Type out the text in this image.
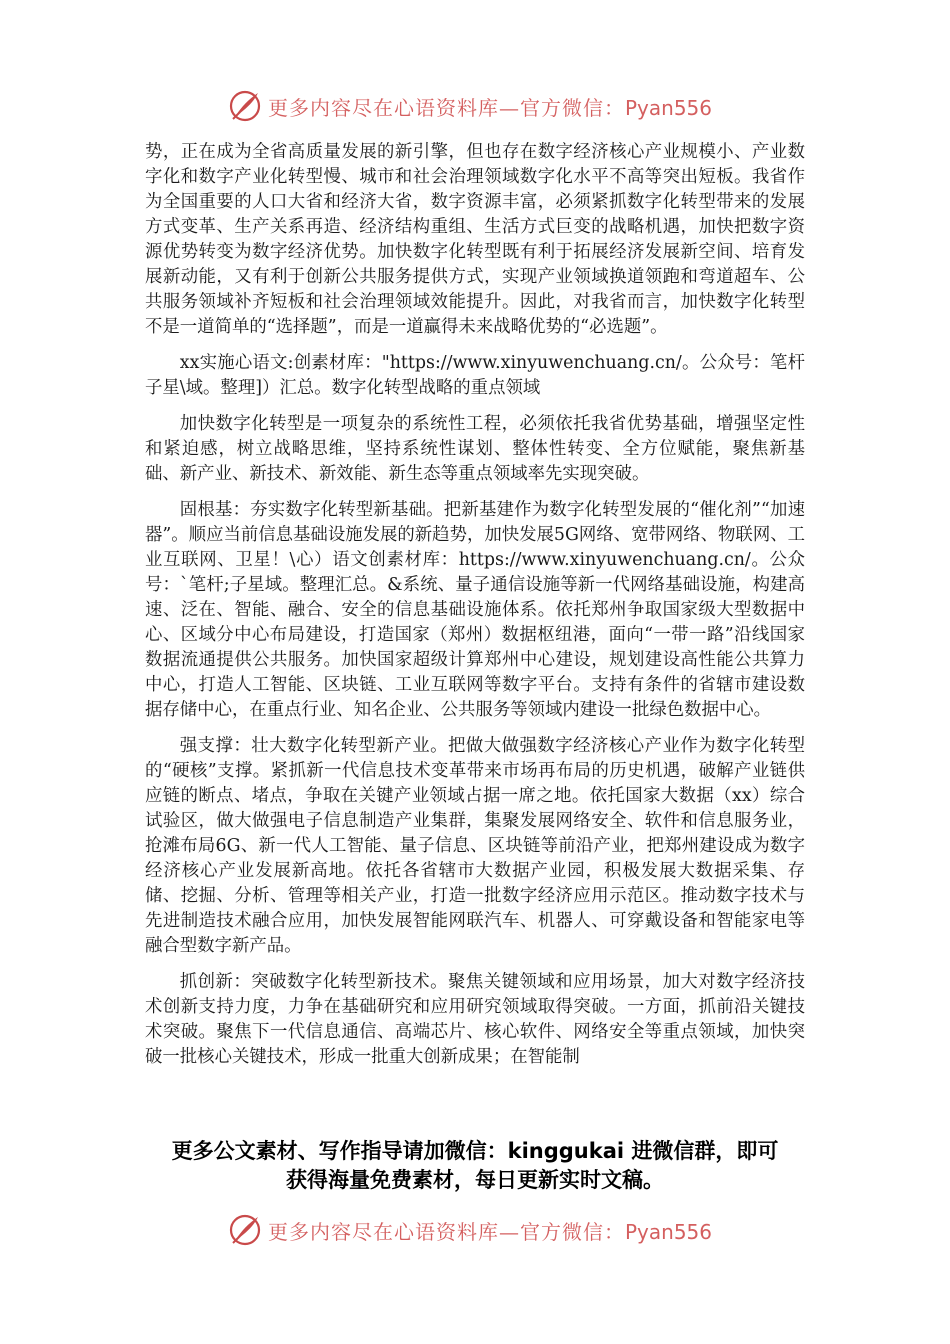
更多内容尽在心语资料库—官方微信：Pyan556

势，正在成为全省高质量发展的新引擎，但也存在数字经济核心产业规模小、产业数字化和数字产业化转型慢、城市和社会治理领域数字化水平不高等突出短板。我省作为全国重要的人口大省和经济大省，数字资源丰富，必须紧抓数字化转型带来的发展方式变革、生产关系再造、经济结构重组、生活方式巨变的战略机遇，加快把数字资源优势转变为数字经济优势。加快数字化转型既有利于拓展经济发展新空间、培育发展新动能，又有利于创新公共服务提供方式，实现产业领域换道领跑和弯道超车、公共服务领域补齐短板和社会治理领域效能提升。因此，对我省而言，加快数字化转型不是一道简单的“选择题”，而是一道赢得未来战略优势的“必选题”。

xx实施心语文:创素材库："https://www.xinyuwenchuang.cn/。公众号：笔杆子星\域。整理]）汇总。数字化转型战略的重点领域

加快数字化转型是一项复杂的系统性工程，必须依托我省优势基础，增强坚定性和紧迫感，树立战略思维，坚持系统性谋划、整体性转变、全方位赋能，聚焦新基础、新产业、新技术、新效能、新生态等重点领域率先实现突破。

固根基：夯实数字化转型新基础。把新基建作为数字化转型发展的“催化剂”“加速器”。顺应当前信息基础设施发展的新趋势，加快发展5G网络、宽带网络、物联网、工业互联网、卫星！\心）语文创素材库：https://www.xinyuwenchuang.cn/。公众号：`笔杆;子星域。整理汇总。&系统、量子通信设施等新一代网络基础设施，构建高速、泛在、智能、融合、安全的信息基础设施体系。依托郑州争取国家级大型数据中心、区域分中心布局建设，打造国家（郑州）数据枢纽港，面向“一带一路”沿线国家数据流通提供公共服务。加快国家超级计算郑州中心建设，规划建设高性能公共算力中心，打造人工智能、区块链、工业互联网等数字平台。支持有条件的省辖市建设数据存储中心，在重点行业、知名企业、公共服务等领域内建设一批绿色数据中心。

强支撑：壮大数字化转型新产业。把做大做强数字经济核心产业作为数字化转型的“硬核”支撑。紧抓新一代信息技术变革带来市场再布局的历史机遇，破解产业链供应链的断点、堵点，争取在关键产业领域占据一席之地。依托国家大数据（xx）综合试验区，做大做强电子信息制造产业集群，集聚发展网络安全、软件和信息服务业，抢滩布局6G、新一代人工智能、量子信息、区块链等前沿产业，把郑州建设成为数字经济核心产业发展新高地。依托各省辖市大数据产业园，积极发展大数据采集、存储、挖掘、分析、管理等相关产业，打造一批数字经济应用示范区。推动数字技术与先进制造技术融合应用，加快发展智能网联汽车、机器人、可穿戴设备和智能家电等融合型数字新产品。

抓创新：突破数字化转型新技术。聚焦关键领域和应用场景，加大对数字经济技术创新支持力度，力争在基础研究和应用研究领域取得突破。一方面，抓前沿关键技术突破。聚焦下一代信息通信、高端芯片、核心软件、网络安全等重点领域，加快突破一批核心关键技术，形成一批重大创新成果；在智能制

更多公文素材、写作指导请加微信：kinggukai 进微信群，即可
获得海量免费素材，每日更新实时文稿。
更多内容尽在心语资料库—官方微信：Pyan556
